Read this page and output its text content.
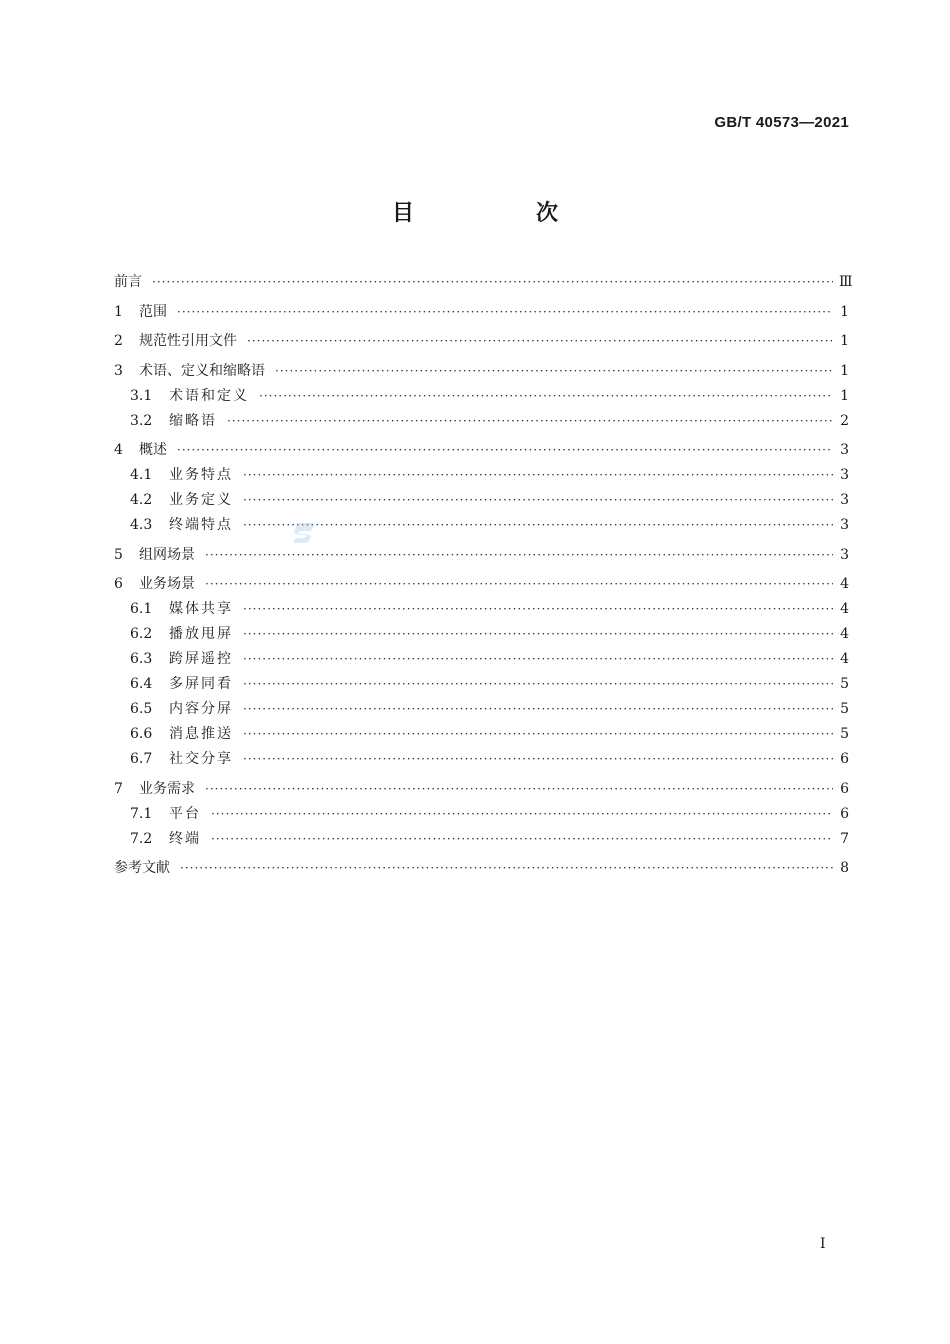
GB/T 40573—2021
目　次
前言 ·····	Ⅲ
1	范围 ·····	1
2	规范性引用文件 ·····	1
3	术语、定义和缩略语 ·····	1
3.1	术语和定义 ·····	1
3.2	缩略语 ·····	2
4	概述 ·····	3
4.1	业务特点 ·····	3
4.2	业务定义 ·····	3
4.3	终端特点 ·····	3
5	组网场景 ·····	3
6	业务场景 ·····	4
6.1	媒体共享 ·····	4
6.2	播放甩屏 ·····	4
6.3	跨屏遥控 ·····	4
6.4	多屏同看 ·····	5
6.5	内容分屏 ·····	5
6.6	消息推送 ·····	5
6.7	社交分享 ·····	6
7	业务需求 ·····	6
7.1	平台 ·····	6
7.2	终端 ·····	7
参考文献 ·····	8
I
